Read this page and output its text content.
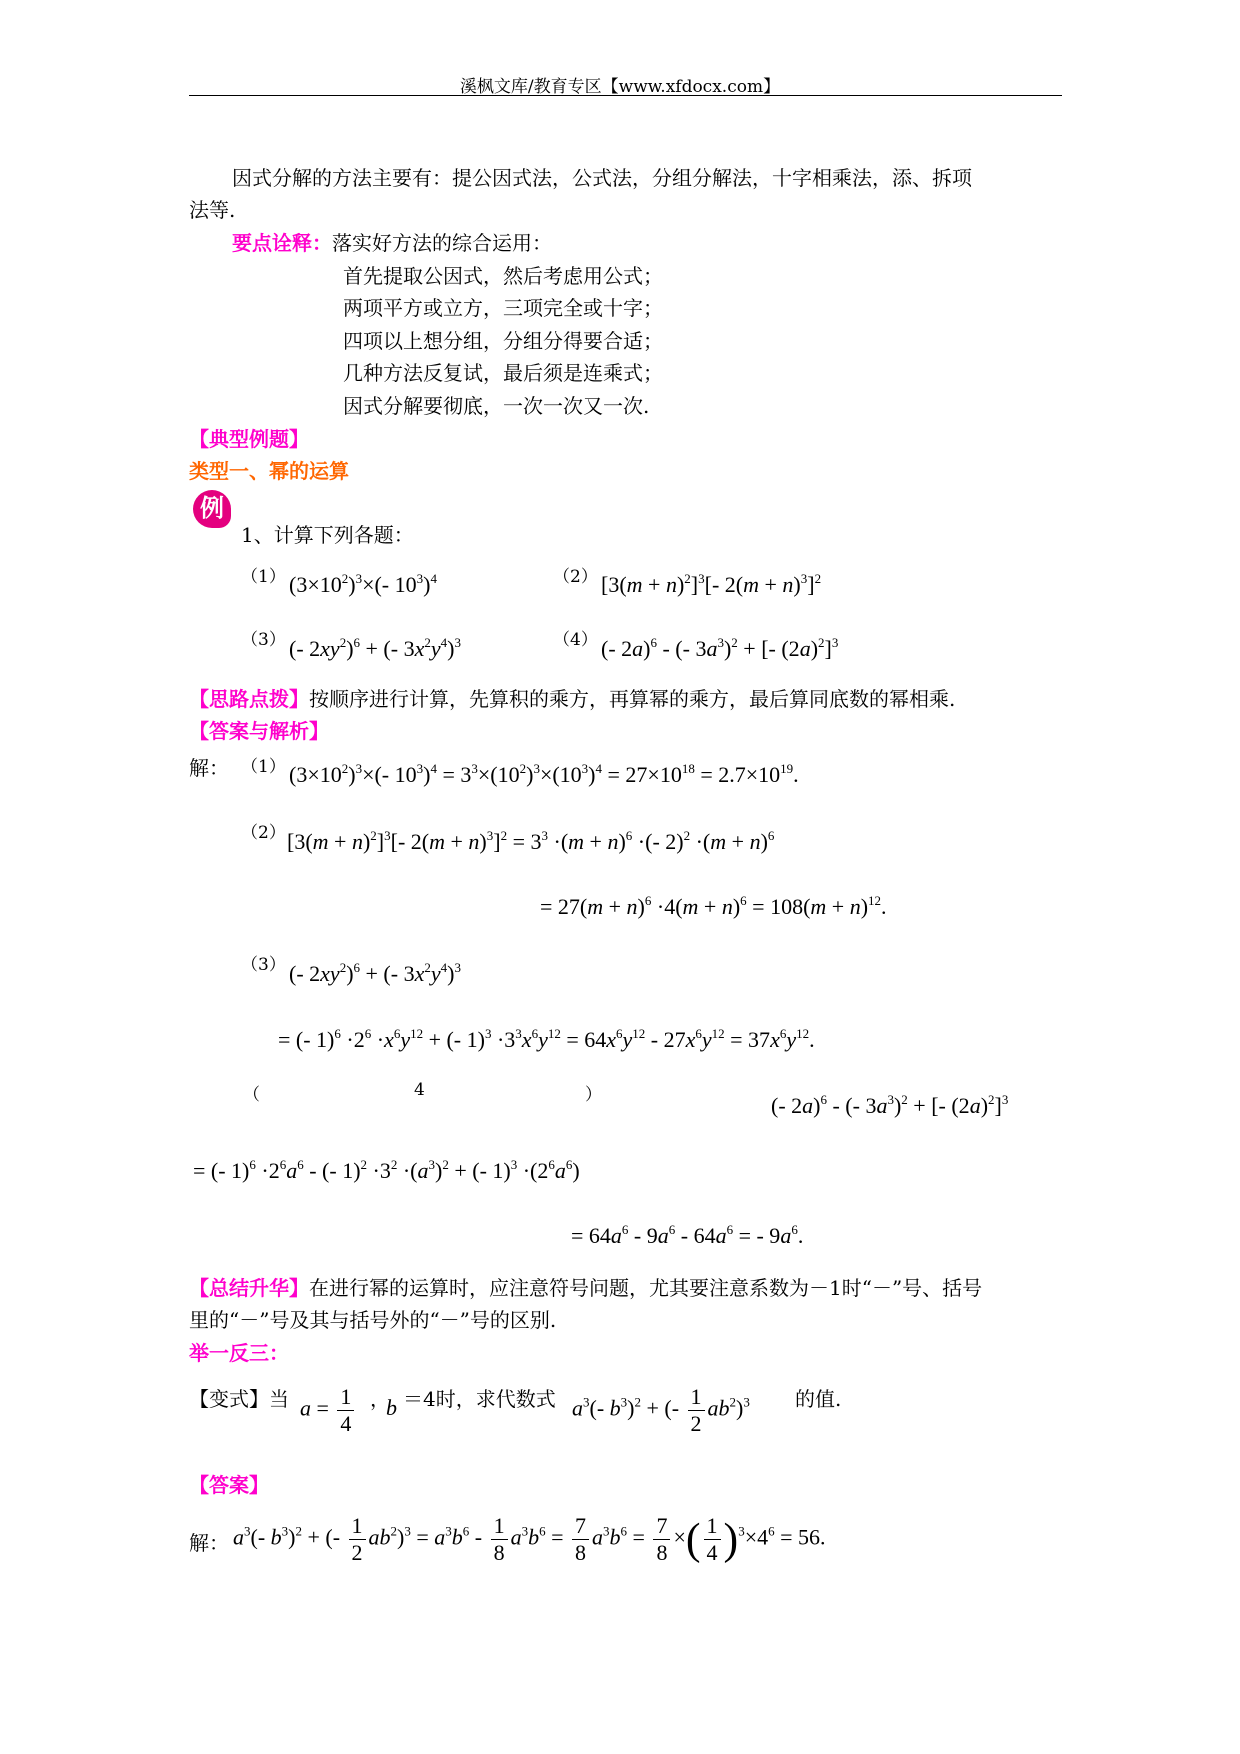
溪枫文库/教育专区【www.xfdocx.com】
因式分解的方法主要有：提公因式法，公式法，分组分解法，十字相乘法，添、拆项
法等.
要点诠释：落实好方法的综合运用：
首先提取公因式，然后考虑用公式；
两项平方或立方，三项完全或十字；
四项以上想分组，分组分得要合适；
几种方法反复试，最后须是连乘式；
因式分解要彻底，一次一次又一次.
【典型例题】
类型一、幂的运算
例
1、计算下列各题：
（1） $(3\times 10^2)^3\times(-$ $10^3)^4$	（2） $[3(m + n)^2]^3[-$ $2(m + n)^3]^2$
（3） (- $2xy^2)^6$ + (- $3x^2y^4)^3$	（4） (- 2a)$^6$ - (- $3a^3)^2$ + [- $(2a)^2]^3$
【思路点拨】按顺序进行计算，先算积的乘方，再算幂的乘方，最后算同底数的幂相乘.
【答案与解析】
解： （1） $(3\times 10^2)^3\times(-$ $10^3)^4 = 3^3\times(10^2)^3\times(10^3)^4 = 27\times 10^{18} = 2.7\times 10^{19}$.
（2） $[3(m + n)^2]^3[-$ $2(m + n)^3]^2 = 3^3 \cdot(m + n)^6$ ·(- $2)^2 \cdot(m + n)^6$
= $27(m + n)^6 \cdot 4(m + n)^6 = 108(m + n)^{12}$.
（3） (- $2xy^2)^6$ + (- $3x^2y^4)^3$
= (- $1)^6 \cdot 2^6 \cdot x^6y^{12}$ + (- $1)^3 \cdot 3^3x^6y^{12} = 64x^6y^{12} - 27x^6y^{12} = 37x^6y^{12}$.
（	4	）	(- 2a)$^6$ - (- $3a^3)^2$ + [- $(2a)^2]^3$
= (- $1)^6 \cdot 2^6a^6$ - (- $1)^2 \cdot 3^2 \cdot(a^3)^2$ + (- $1)^3 \cdot(2^6a^6)$
= $64a^6 - 9a^6 - 64a^6$ = - $9a^6$.
【总结升华】在进行幂的运算时，应注意符号问题，尤其要注意系数为－1时“－”号、括号
里的“－”号及其与括号外的“－”号的区别.
举一反三：
【变式】当 $a = \frac{1}{4}$ ，
b ＝4时，求代数式 $a^3(-$ $b^3)^2$ + (- $\frac{1}{2} ab^2)^3$ 的值.
【答案】
解： $a^3(-$ $b^3)^2$ + (- $\frac{1}{2} ab^2)^3 = a^3b^6 - \frac{1}{8} a^3b^6 = \frac{7}{8} a^3b^6 = \frac{7}{8}$ ×( $\frac{1}{4} )^3\times 4^6 = 56$.
